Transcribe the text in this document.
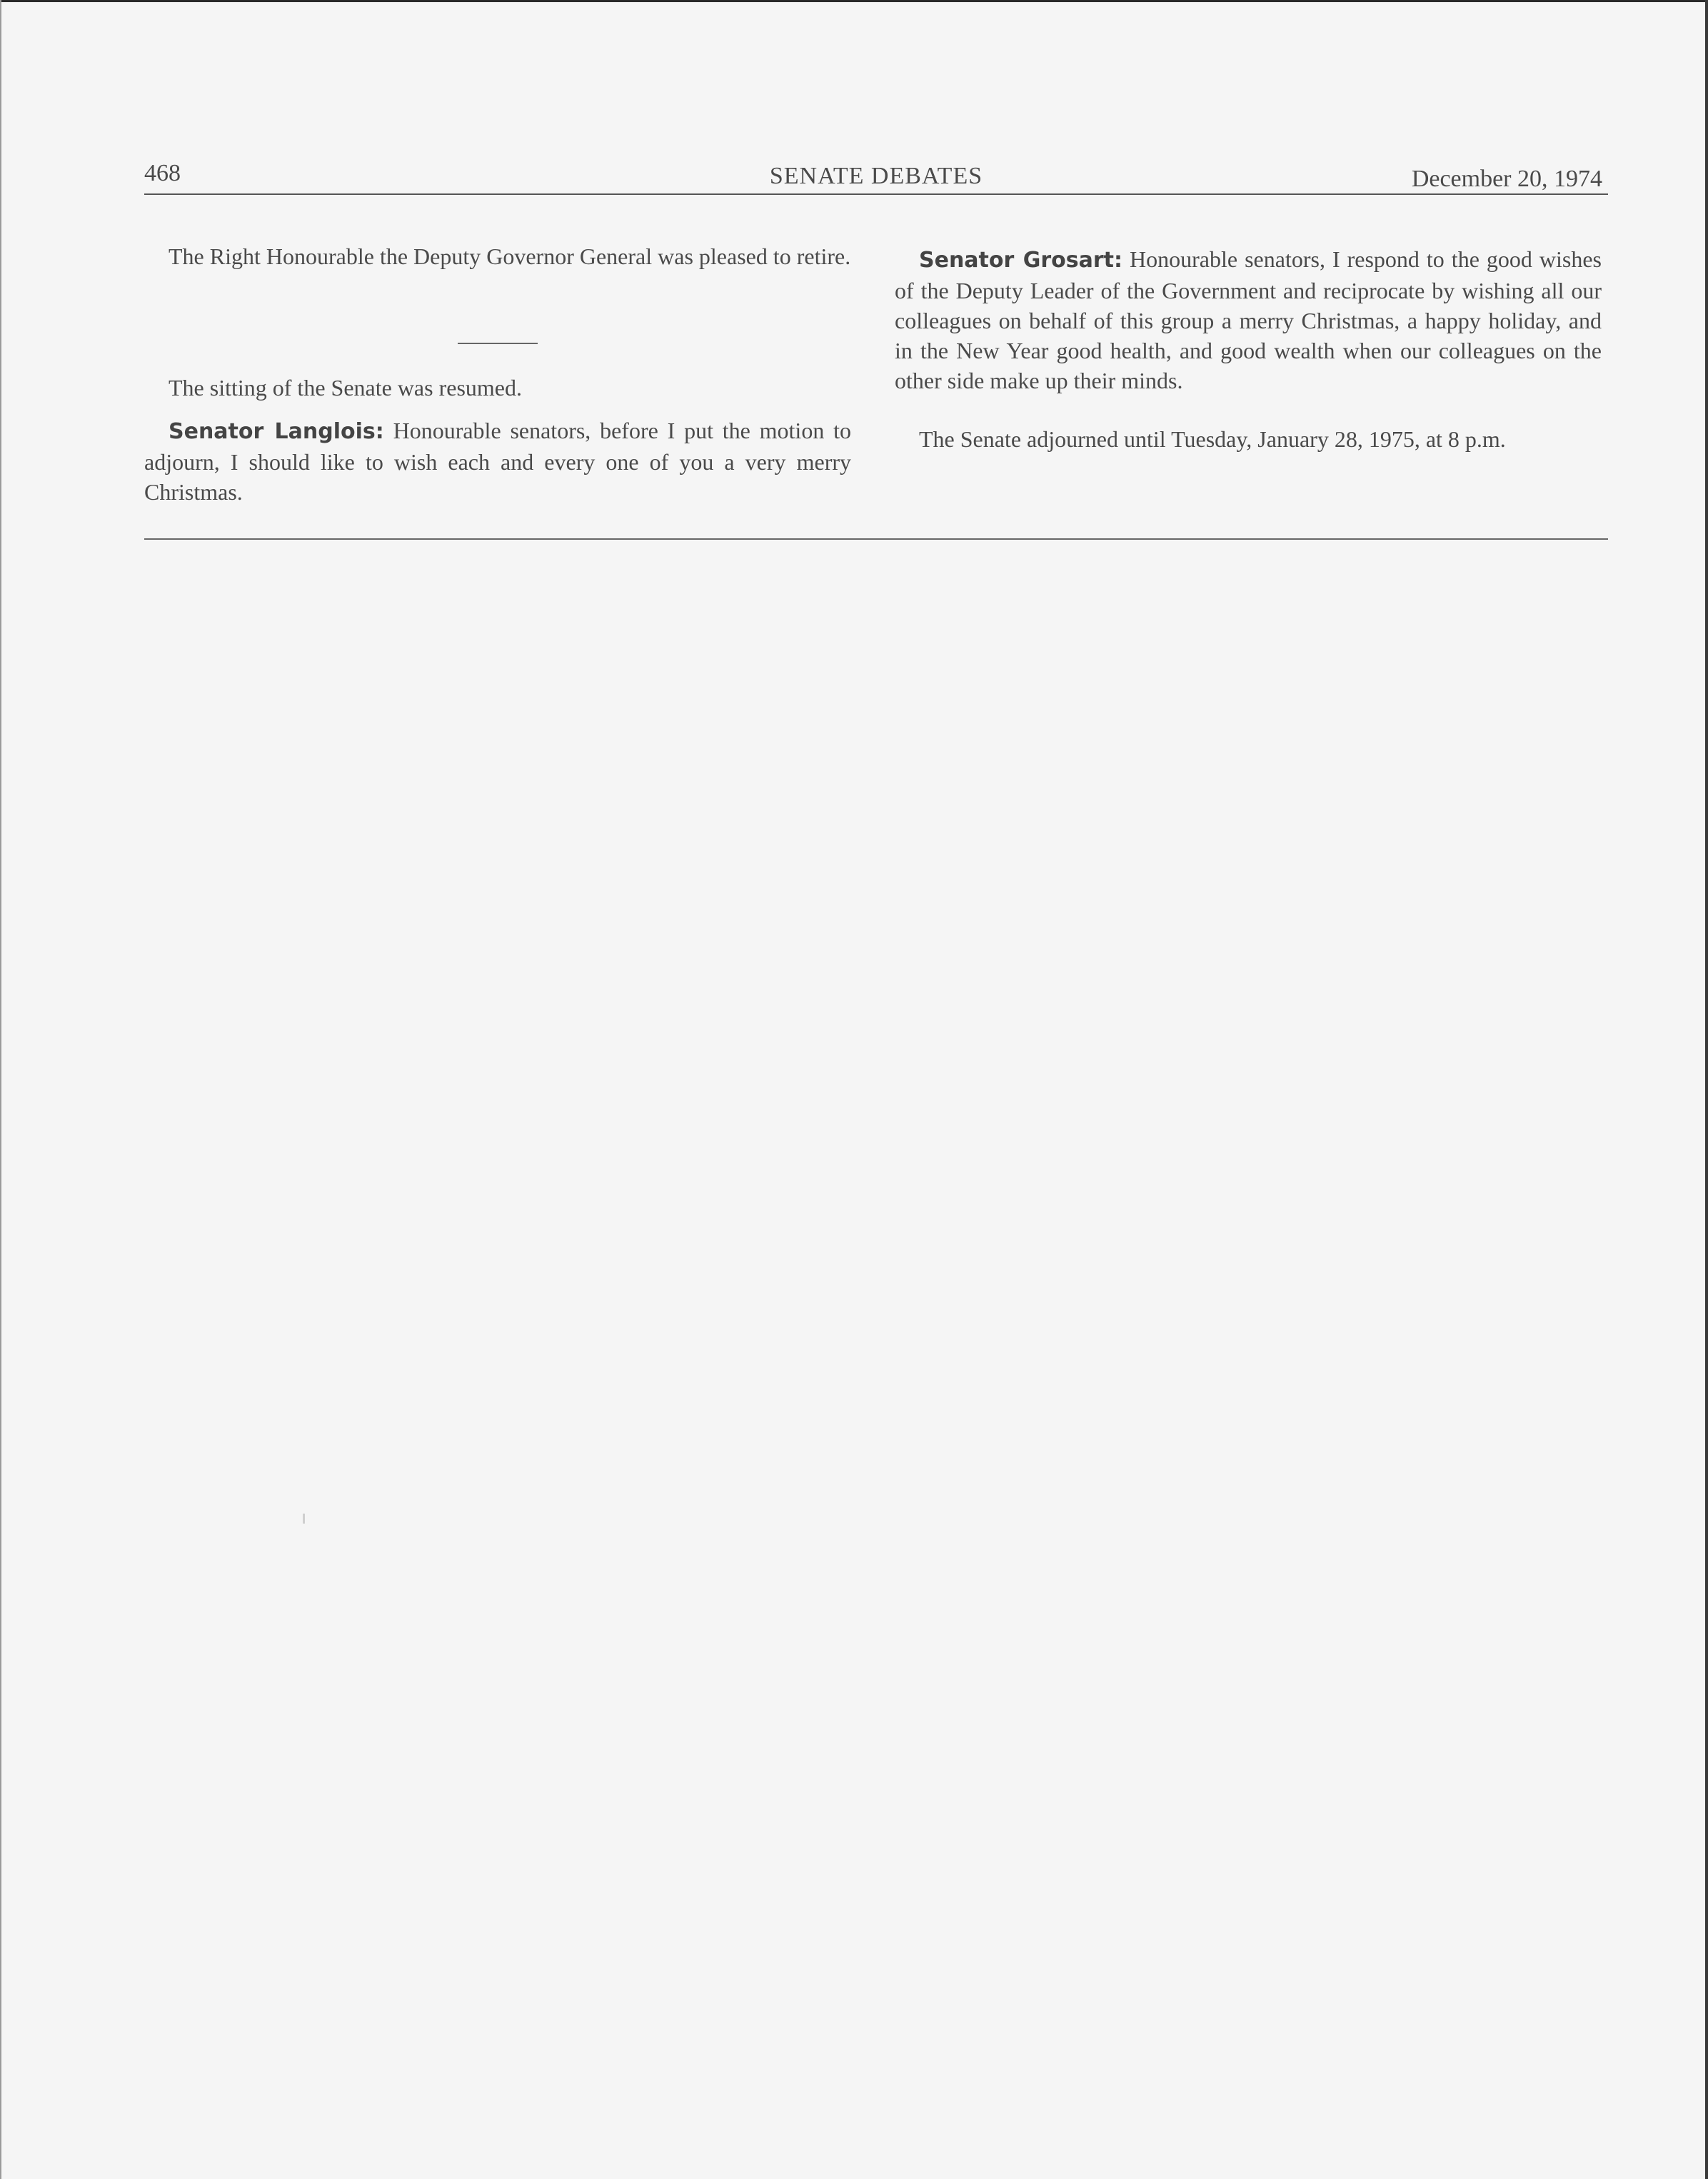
468	SENATE DEBATES	December 20, 1974

The Right Honourable the Deputy Governor General was pleased to retire.

The sitting of the Senate was resumed.

Senator Langlois: Honourable senators, before I put the motion to adjourn, I should like to wish each and every one of you a very merry Christmas.

Senator Grosart: Honourable senators, I respond to the good wishes of the Deputy Leader of the Government and reciprocate by wishing all our colleagues on behalf of this group a merry Christmas, a happy holiday, and in the New Year good health, and good wealth when our colleagues on the other side make up their minds.

The Senate adjourned until Tuesday, January 28, 1975, at 8 p.m.
